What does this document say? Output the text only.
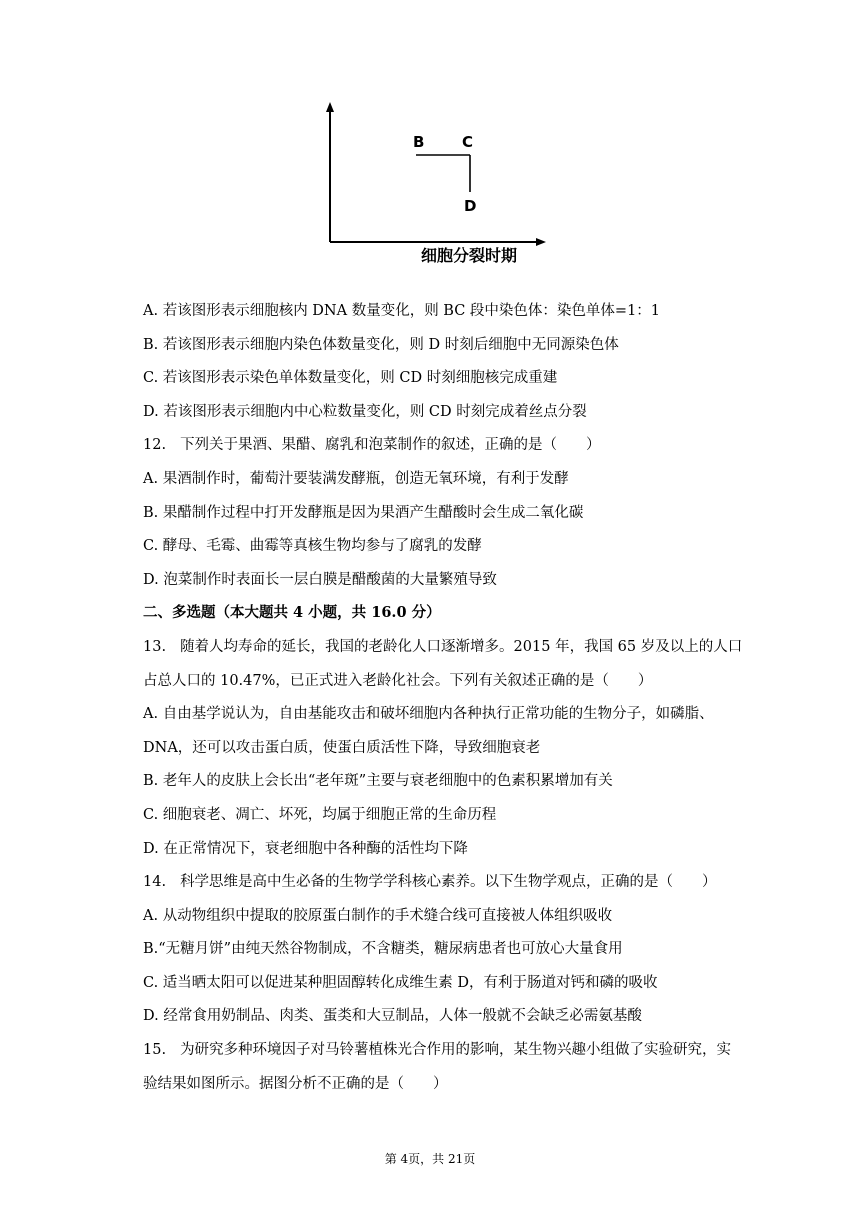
B	C
D
细胞分裂时期
A. 若该图形表示细胞核内 DNA 数量变化，则 BC 段中染色体：染色单体=1：1
B. 若该图形表示细胞内染色体数量变化，则 D 时刻后细胞中无同源染色体
C. 若该图形表示染色单体数量变化，则 CD 时刻细胞核完成重建
D. 若该图形表示细胞内中心粒数量变化，则 CD 时刻完成着丝点分裂
12. 下列关于果酒、果醋、腐乳和泡菜制作的叙述，正确的是（　　）
A. 果酒制作时，葡萄汁要装满发酵瓶，创造无氧环境，有利于发酵
B. 果醋制作过程中打开发酵瓶是因为果酒产生醋酸时会生成二氧化碳
C. 酵母、毛霉、曲霉等真核生物均参与了腐乳的发酵
D. 泡菜制作时表面长一层白膜是醋酸菌的大量繁殖导致
二、多选题（本大题共 4 小题，共 16.0 分）
13. 随着人均寿命的延长，我国的老龄化人口逐渐增多。2015 年，我国 65 岁及以上的人口
占总人口的 10.47%，已正式进入老龄化社会。下列有关叙述正确的是（　　）
A. 自由基学说认为，自由基能攻击和破坏细胞内各种执行正常功能的生物分子，如磷脂、
DNA，还可以攻击蛋白质，使蛋白质活性下降，导致细胞衰老
B. 老年人的皮肤上会长出“老年斑”主要与衰老细胞中的色素积累增加有关
C. 细胞衰老、凋亡、坏死，均属于细胞正常的生命历程
D. 在正常情况下，衰老细胞中各种酶的活性均下降
14. 科学思维是高中生必备的生物学学科核心素养。以下生物学观点，正确的是（　　）
A. 从动物组织中提取的胶原蛋白制作的手术缝合线可直接被人体组织吸收
B.“无糖月饼”由纯天然谷物制成，不含糖类，糖尿病患者也可放心大量食用
C. 适当晒太阳可以促进某种胆固醇转化成维生素 D，有利于肠道对钙和磷的吸收
D. 经常食用奶制品、肉类、蛋类和大豆制品，人体一般就不会缺乏必需氨基酸
15. 为研究多种环境因子对马铃薯植株光合作用的影响，某生物兴趣小组做了实验研究，实
验结果如图所示。据图分析不正确的是（　　）
第 4页，共 21页
